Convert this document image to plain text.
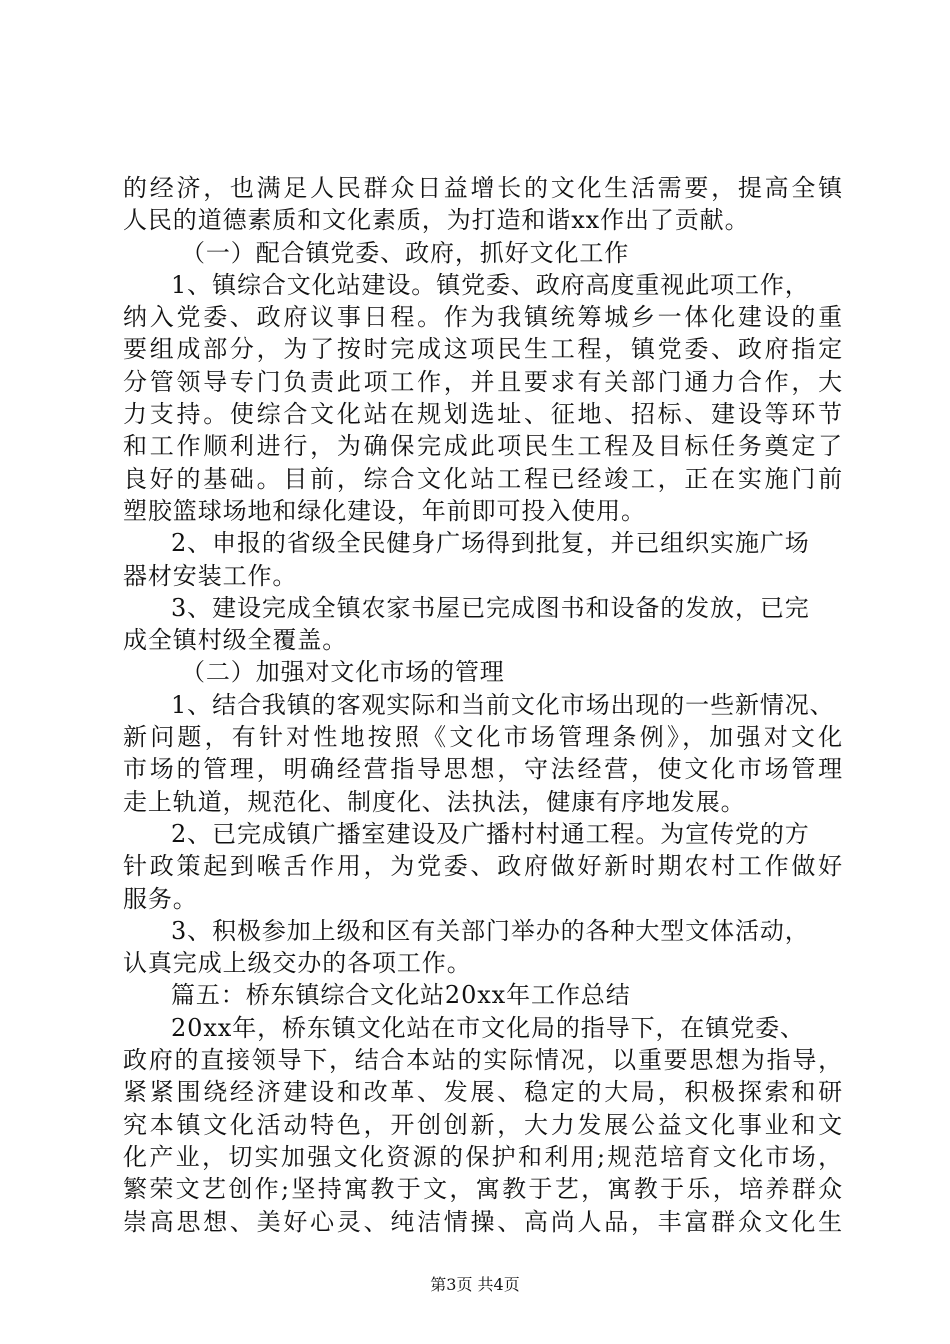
的经济，也满足人民群众日益增长的文化生活需要，提高全镇
人民的道德素质和文化素质，为打造和谐xx作出了贡献。
（一）配合镇党委、政府，抓好文化工作
1、镇综合文化站建设。镇党委、政府高度重视此项工作，
纳入党委、政府议事日程。作为我镇统筹城乡一体化建设的重
要组成部分，为了按时完成这项民生工程，镇党委、政府指定
分管领导专门负责此项工作，并且要求有关部门通力合作，大
力支持。使综合文化站在规划选址、征地、招标、建设等环节
和工作顺利进行，为确保完成此项民生工程及目标任务奠定了
良好的基础。目前，综合文化站工程已经竣工，正在实施门前
塑胶篮球场地和绿化建设，年前即可投入使用。
2、申报的省级全民健身广场得到批复，并已组织实施广场
器材安装工作。
3、建设完成全镇农家书屋已完成图书和设备的发放，已完
成全镇村级全覆盖。
（二）加强对文化市场的管理
1、结合我镇的客观实际和当前文化市场出现的一些新情况、
新问题，有针对性地按照《文化市场管理条例》，加强对文化
市场的管理，明确经营指导思想，守法经营，使文化市场管理
走上轨道，规范化、制度化、法执法，健康有序地发展。
2、已完成镇广播室建设及广播村村通工程。为宣传党的方
针政策起到喉舌作用，为党委、政府做好新时期农村工作做好
服务。
3、积极参加上级和区有关部门举办的各种大型文体活动，
认真完成上级交办的各项工作。
篇五：桥东镇综合文化站20xx年工作总结
20xx年，桥东镇文化站在市文化局的指导下，在镇党委、
政府的直接领导下，结合本站的实际情况，以重要思想为指导，
紧紧围绕经济建设和改革、发展、稳定的大局，积极探索和研
究本镇文化活动特色，开创创新，大力发展公益文化事业和文
化产业，切实加强文化资源的保护和利用;规范培育文化市场，
繁荣文艺创作;坚持寓教于文，寓教于艺，寓教于乐，培养群众
崇高思想、美好心灵、纯洁情操、高尚人品，丰富群众文化生
第3页 共4页
